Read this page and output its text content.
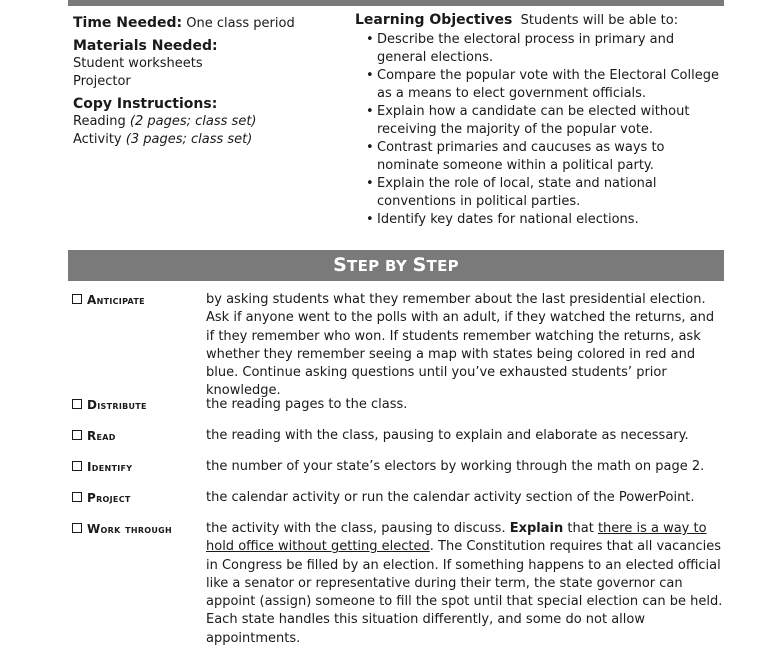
Time Needed: One class period
Materials Needed:
Student worksheets
Projector
Copy Instructions:
Reading (2 pages; class set)
Activity (3 pages; class set)
Learning Objectives Students will be able to:
• Describe the electoral process in primary and general elections.
• Compare the popular vote with the Electoral College as a means to elect government officials.
• Explain how a candidate can be elected without receiving the majority of the popular vote.
• Contrast primaries and caucuses as ways to nominate someone within a political party.
• Explain the role of local, state and national conventions in political parties.
• Identify key dates for national elections.
STEP BY STEP
Anticipate	by asking students what they remember about the last presidential election. Ask if anyone went to the polls with an adult, if they watched the returns, and if they remember who won. If students remember watching the returns, ask whether they remember seeing a map with states being colored in red and blue. Continue asking questions until you’ve exhausted students’ prior knowledge.
Distribute	the reading pages to the class.
Read	the reading with the class, pausing to explain and elaborate as necessary.
Identify	the number of your state’s electors by working through the math on page 2.
Project	the calendar activity or run the calendar activity section of the PowerPoint.
Work through	the activity with the class, pausing to discuss. Explain that there is a way to hold office without getting elected. The Constitution requires that all vacancies in Congress be filled by an election. If something happens to an elected official like a senator or representative during their term, the state governor can appoint (assign) someone to fill the spot until that special election can be held. Each state handles this situation differently, and some do not allow appointments.
